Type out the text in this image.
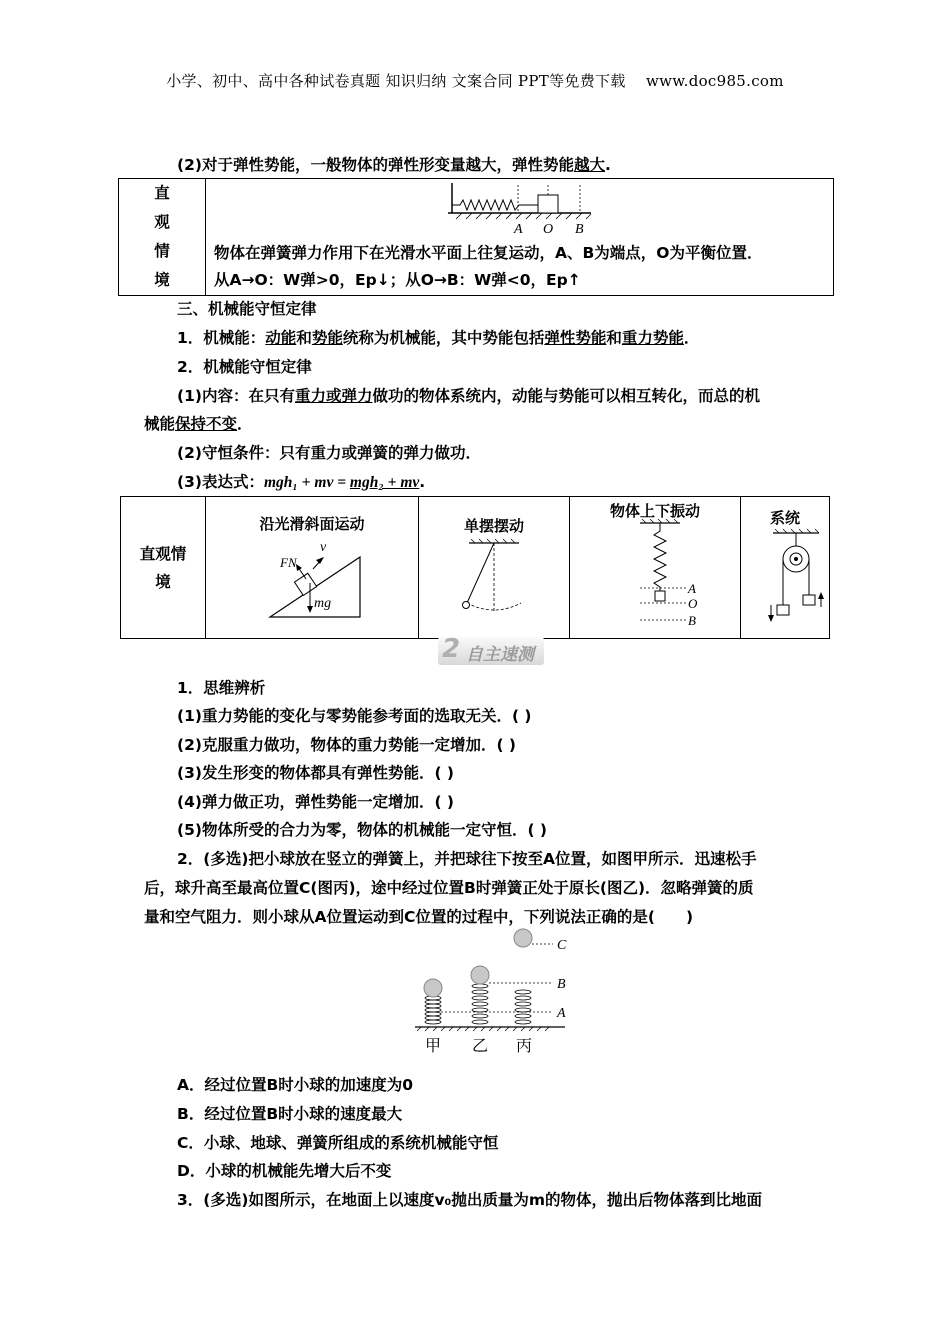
小学、初中、高中各种试卷真题 知识归纳 文案合同 PPT等免费下载　 www.doc985.com
(2)对于弹性势能，一般物体的弹性形变量越大，弹性势能越大.
直
观
情
境

A O B
物体在弹簧弹力作用下在光滑水平面上往复运动，A、B为端点，O为平衡位置．
从A→O：W弹>0，Ep↓；从O→B：W弹<0，Ep↑
三、机械能守恒定律
1．机械能：动能和势能统称为机械能，其中势能包括弹性势能和重力势能．
2．机械能守恒定律
(1)内容：在只有重力或弹力做功的物体系统内，动能与势能可以相互转化，而总的机
械能保持不变．
(2)守恒条件：只有重力或弹簧的弹力做功．
(3)表达式：mgh₁ + mv = mgh₂ + mv.
直观情境

沿光滑斜面运动
v
FN
mg

单摆摆动

物体上下振动
A
O
B

系统
2 自主速测
1．思维辨析
(1)重力势能的变化与零势能参考面的选取无关．( )
(2)克服重力做功，物体的重力势能一定增加．( )
(3)发生形变的物体都具有弹性势能．( )
(4)弹力做正功，弹性势能一定增加．( )
(5)物体所受的合力为零，物体的机械能一定守恒．( )
2．(多选)把小球放在竖立的弹簧上，并把球往下按至A位置，如图甲所示．迅速松手
后，球升高至最高位置C(图丙)，途中经过位置B时弹簧正处于原长(图乙)．忽略弹簧的质
量和空气阻力．则小球从A位置运动到C位置的过程中，下列说法正确的是(　　)
C
B
A
甲 乙 丙
A．经过位置B时小球的加速度为0
B．经过位置B时小球的速度最大
C．小球、地球、弹簧所组成的系统机械能守恒
D．小球的机械能先增大后不变
3．(多选)如图所示，在地面上以速度v₀抛出质量为m的物体，抛出后物体落到比地面
